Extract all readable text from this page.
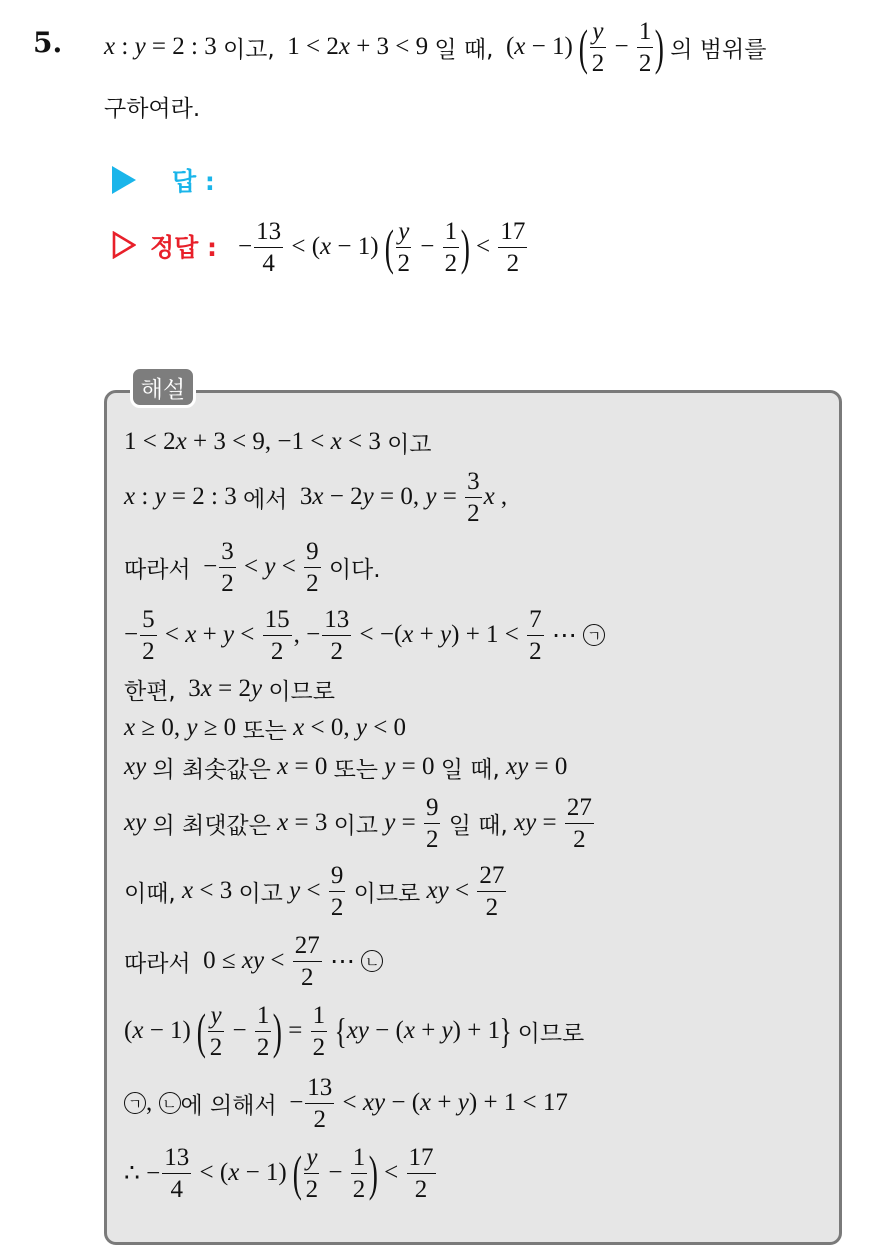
5. x : y = 2 : 3 이고, 1 < 2 x + 3 < 9 일 때, ( x − 1) ( $\frac{y}{2} - \frac{1}{2}$ )
의 범위를
구하여라.
답 :
정답 : − $\frac{13}{4}$ < ( x − 1) ( $\frac{y}{2} - \frac{1}{2}$ ) < $\frac{17}{2}$
해설
1 < 2 x + 3 < 9, −1 < x < 3 이고
x : y = 2 : 3 에서 3 x − 2 y = 0, $y = \frac{3}{2}$ x ,
따라서 − $\frac{3}{2} < y < \frac{9}{2}$
이다.
− $\frac{5}{2} < x + y < \frac{15}{2}$ , − $\frac{13}{2}$ < −( x + y ) + $1 < \frac{7}{2}$ ⋯ ㄱ
한편, 3 x = 2 y
이므로
x ≥ 0, y ≥ 0 또는
x < 0, y < 0
xy
의 최솟값은
x = 0 또는
y = 0 일 때,
xy = 0
xy
의 최댓값은
x = 3 이고
$y = \frac{9}{2}$
일 때,
xy = $\frac{27}{2}$
이때,
x < 3 이고
$y < \frac{9}{2}$
이므로
xy < $\frac{27}{2}$
따라서 0 ≤ xy < $\frac{27}{2}$ ⋯ ㄴ
( x − 1) ( $\frac{y}{2} - \frac{1}{2}$ ) = $\frac{1}{2}$
{ xy − ( x + y ) + 1 }
이므로
ㄱ , ㄴ 에 의해서 − $\frac{13}{2}$ < xy − ( x + y ) + 1 < 17
∴ − $\frac{13}{4}$ < ( x − 1) ( $\frac{y}{2} - \frac{1}{2}$ ) < $\frac{17}{2}$
